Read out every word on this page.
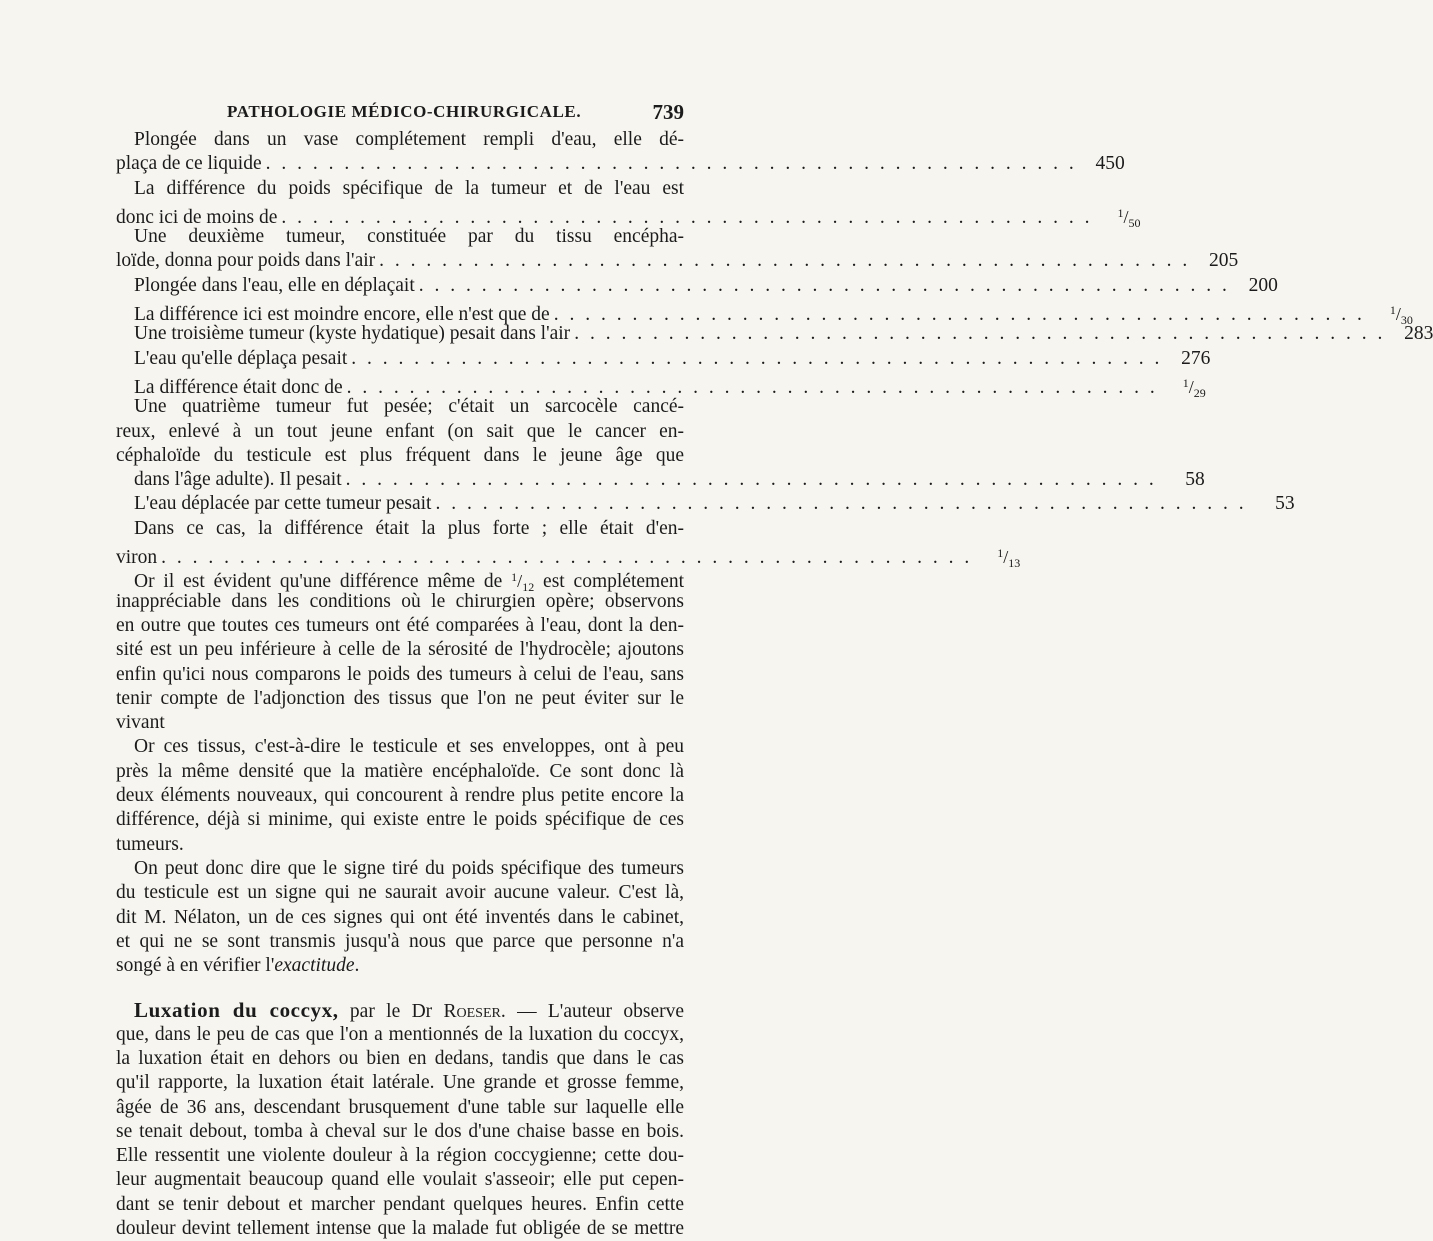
PATHOLOGIE MÉDICO-CHIRURGICALE.	739
Plongée dans un vase complétement rempli d'eau, elle dé-
plaça de ce liquide . . . . . . . . . . . . . . . . . . . . . . . . . . . . . . . . . . . . . . . . . . . . . . . . . . . . 450
La différence du poids spécifique de la tumeur et de l'eau est
donc ici de moins de . . . . . . . . . . . . . . . . . . . . . . . . . . . . . . . . . . . . . . . . . . . . . . . . . . . .	$^1/_{50}$
Une deuxième tumeur, constituée par du tissu encépha-
loïde, donna pour poids dans l'air . . . . . . . . . . . . . . . . . . . . . . . . . . . . . . . . . . . . . . . . . . . . . . . . . . . . 205
Plongée dans l'eau, elle en déplaçait . . . . . . . . . . . . . . . . . . . . . . . . . . . . . . . . . . . . . . . . . . . . . . . . . . . . 200
La différence ici est moindre encore, elle n'est que de . . . . . . . . . . . . . . . . . . . . . . . . . . . . . . . . . . . . . . . . . . . . . . . . . . . .	$^1/_{30}$
Une troisième tumeur (kyste hydatique) pesait dans l'air . . . . . . . . . . . . . . . . . . . . . . . . . . . . . . . . . . . . . . . . . . . . . . . . . . . . 283
L'eau qu'elle déplaça pesait . . . . . . . . . . . . . . . . . . . . . . . . . . . . . . . . . . . . . . . . . . . . . . . . . . . . 276
La différence était donc de . . . . . . . . . . . . . . . . . . . . . . . . . . . . . . . . . . . . . . . . . . . . . . . . . . . .	$^1/_{29}$
Une quatrième tumeur fut pesée; c'était un sarcocèle cancé-
reux, enlevé à un tout jeune enfant (on sait que le cancer en-
céphaloïde du testicule est plus fréquent dans le jeune âge que
dans l'âge adulte). Il pesait . . . . . . . . . . . . . . . . . . . . . . . . . . . . . . . . . . . . . . . . . . . . . . . . . . . .	58
L'eau déplacée par cette tumeur pesait . . . . . . . . . . . . . . . . . . . . . . . . . . . . . . . . . . . . . . . . . . . . . . . . . . . .	53
Dans ce cas, la différence était la plus forte ; elle était d'en-
viron . . . . . . . . . . . . . . . . . . . . . . . . . . . . . . . . . . . . . . . . . . . . . . . . . . . .	$^1/_{13}$
Or il est évident qu'une différence même de $^1/_{12}$ est complétement
inappréciable dans les conditions où le chirurgien opère; observons
en outre que toutes ces tumeurs ont été comparées à l'eau, dont la den-
sité est un peu inférieure à celle de la sérosité de l'hydrocèle; ajoutons
enfin qu'ici nous comparons le poids des tumeurs à celui de l'eau, sans
tenir compte de l'adjonction des tissus que l'on ne peut éviter sur le
vivant
Or ces tissus, c'est-à-dire le testicule et ses enveloppes, ont à peu
près la même densité que la matière encéphaloïde. Ce sont donc là
deux éléments nouveaux, qui concourent à rendre plus petite encore la
différence, déjà si minime, qui existe entre le poids spécifique de ces
tumeurs.
On peut donc dire que le signe tiré du poids spécifique des tumeurs
du testicule est un signe qui ne saurait avoir aucune valeur. C'est là,
dit M. Nélaton, un de ces signes qui ont été inventés dans le cabinet,
et qui ne se sont transmis jusqu'à nous que parce que personne n'a
songé à en vérifier l'exactitude.
Luxation du coccyx, par le Dr Roeser. — L'auteur observe
que, dans le peu de cas que l'on a mentionnés de la luxation du coccyx,
la luxation était en dehors ou bien en dedans, tandis que dans le cas
qu'il rapporte, la luxation était latérale. Une grande et grosse femme,
âgée de 36 ans, descendant brusquement d'une table sur laquelle elle
se tenait debout, tomba à cheval sur le dos d'une chaise basse en bois.
Elle ressentit une violente douleur à la région coccygienne; cette dou-
leur augmentait beaucoup quand elle voulait s'asseoir; elle put cepen-
dant se tenir debout et marcher pendant quelques heures. Enfin cette
douleur devint tellement intense que la malade fut obligée de se mettre
